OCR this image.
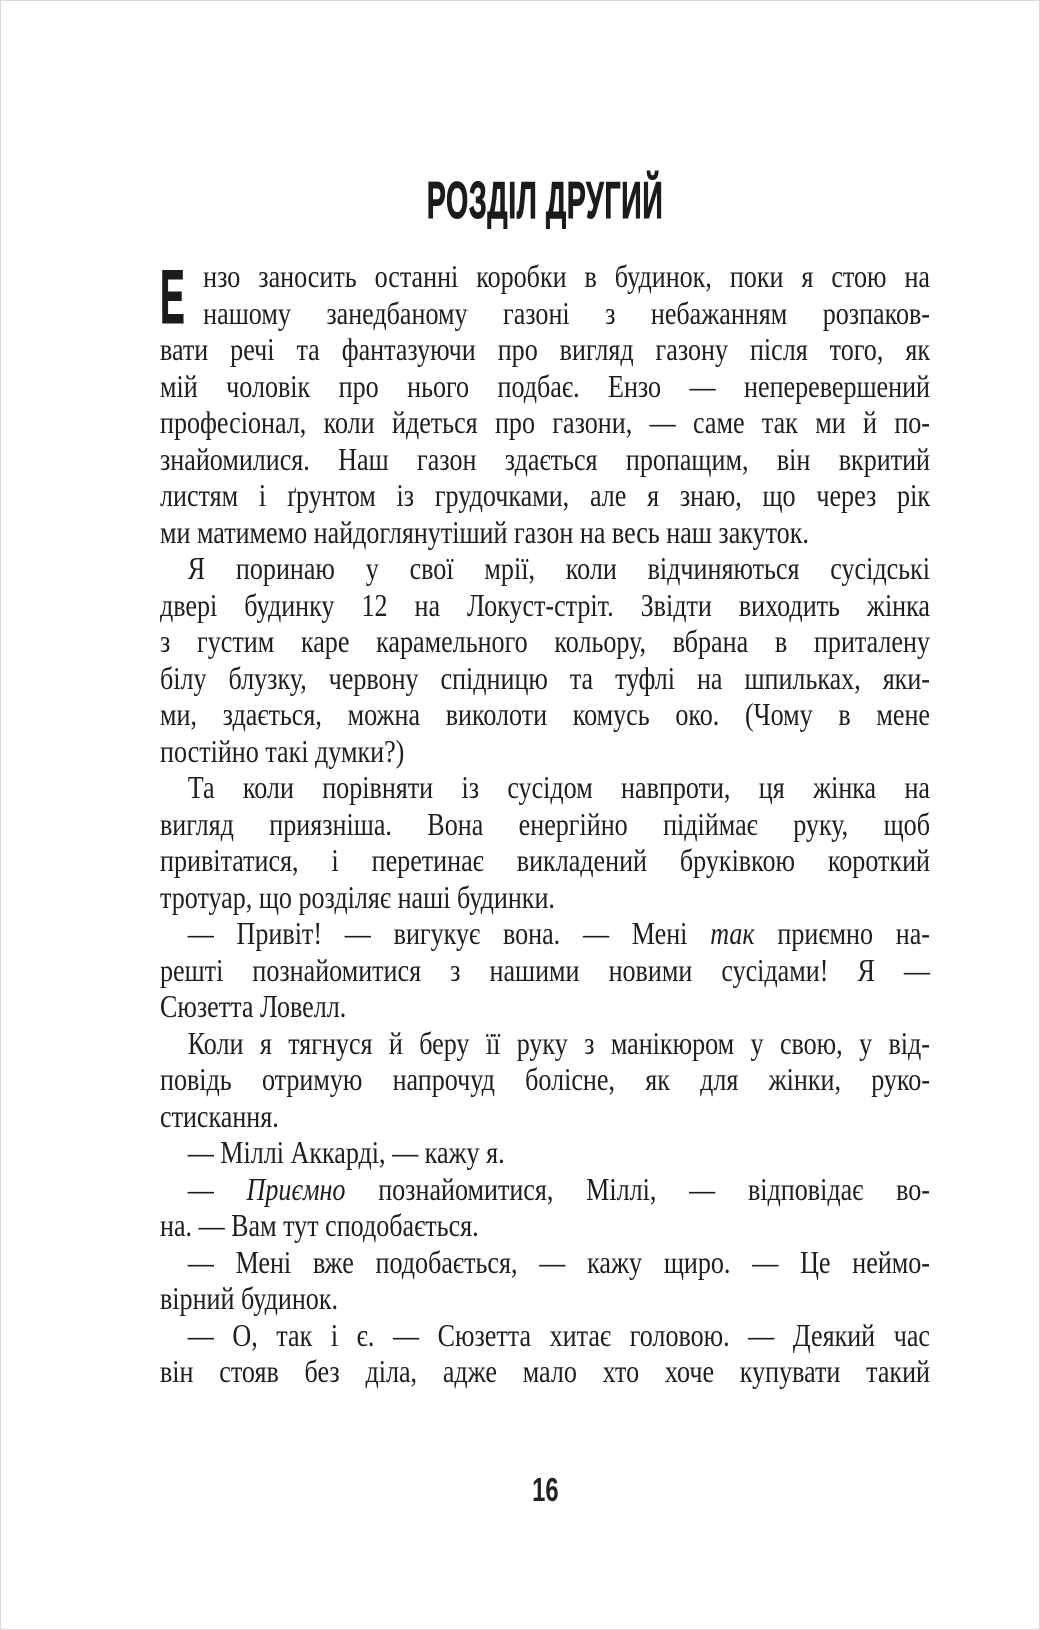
РОЗДІЛ ДРУГИЙ
Е нзо заносить останні коробки в будинок, поки я стою на
нашому занедбаному газоні з небажанням розпаков-
вати речі та фантазуючи про вигляд газону після того, як
мій чоловік про нього подбає. Ензо — неперевершений
професіонал, коли йдеться про газони, — саме так ми й по-
знайомилися. Наш газон здається пропащим, він вкритий
листям і ґрунтом із грудочками, але я знаю, що через рік
ми матимемо найдоглянутіший газон на весь наш закуток.
Я поринаю у свої мрії, коли відчиняються сусідські
двері будинку 12 на Локуст-стріт. Звідти виходить жінка
з густим каре карамельного кольору, вбрана в приталену
білу блузку, червону спідницю та туфлі на шпильках, яки-
ми, здається, можна виколоти комусь око. (Чому в мене
постійно такі думки?)
Та коли порівняти із сусідом навпроти, ця жінка на
вигляд приязніша. Вона енергійно підіймає руку, щоб
привітатися, і перетинає викладений бруківкою короткий
тротуар, що розділяє наші будинки.
— Привіт! — вигукує вона. — Мені так приємно на-
решті познайомитися з нашими новими сусідами! Я —
Сюзетта Ловелл.
Коли я тягнуся й беру її руку з манікюром у свою, у від-
повідь отримую напрочуд болісне, як для жінки, руко-
стискання.
— Міллі Аккарді, — кажу я.
— Приємно познайомитися, Міллі, — відповідає во-
на. — Вам тут сподобається.
— Мені вже подобається, — кажу щиро. — Це неймо-
вірний будинок.
— О, так і є. — Сюзетта хитає головою. — Деякий час
він стояв без діла, адже мало хто хоче купувати такий
16
